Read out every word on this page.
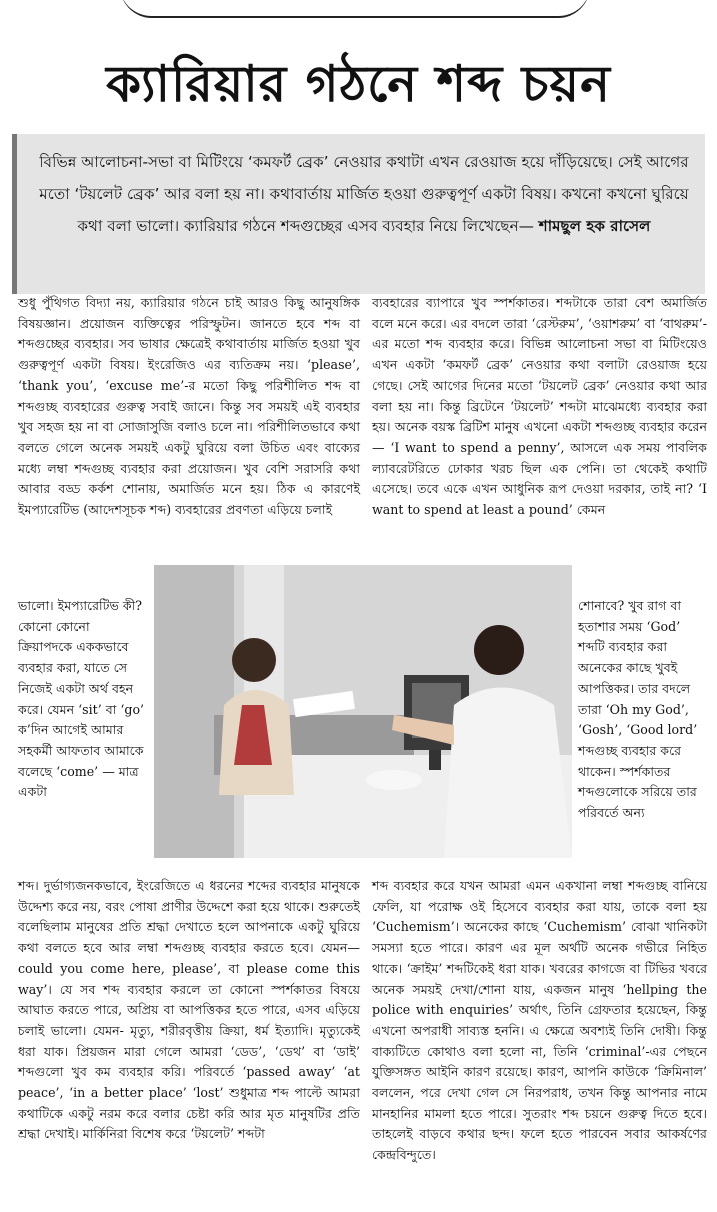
ক্যারিয়ার গঠনে শব্দ চয়ন

বিভিন্ন আলোচনা-সভা বা মিটিংয়ে ‘কমফর্ট ব্রেক’ নেওয়ার কথাটা এখন রেওয়াজ হয়ে দাঁড়িয়েছে। সেই আগের মতো ‘টয়লেট ব্রেক’ আর বলা হয় না। কথাবার্তায় মার্জিত হওয়া গুরুত্বপূর্ণ একটা বিষয়। কখনো কখনো ঘুরিয়ে কথা বলা ভালো। ক্যারিয়ার গঠনে শব্দগুচ্ছের এসব ব্যবহার নিয়ে লিখেছেন— শামছুল হক রাসেল

শুধু পুঁথিগত বিদ্যা নয়, ক্যারিয়ার গঠনে চাই আরও কিছু আনুষঙ্গিক বিষয়জ্ঞান। প্রয়োজন ব্যক্তিত্বের পরিস্ফুটন। জানতে হবে শব্দ বা শব্দগুচ্ছের ব্যবহার। সব ভাষার ক্ষেত্রেই কথাবার্তায় মার্জিত হওয়া খুব গুরুত্বপূর্ণ একটা বিষয়। ইংরেজিও এর ব্যতিক্রম নয়। ‘please’, ‘thank you’, ‘excuse me’-র মতো কিছু পরিশীলিত শব্দ বা শব্দগুচ্ছ ব্যবহারের গুরুত্ব সবাই জানে। কিন্তু সব সময়ই এই ব্যবহার খুব সহজ হয় না বা সোজাসুজি বলাও চলে না। পরিশীলিতভাবে কথা বলতে গেলে অনেক সময়ই একটু ঘুরিয়ে বলা উচিত এবং বাক্যের মধ্যে লম্বা শব্দগুচ্ছ ব্যবহার করা প্রয়োজন। খুব বেশি সরাসরি কথা আবার বড্ড কর্কশ শোনায়, অমার্জিত মনে হয়। ঠিক এ কারণেই ইমপ্যারেটিভ (আদেশসূচক শব্দ) ব্যবহারের প্রবণতা এড়িয়ে চলাই

ব্যবহারের ব্যাপারে খুব স্পর্শকাতর। শব্দটাকে তারা বেশ অমার্জিত বলে মনে করে। এর বদলে তারা ‘রেস্টরুম’, ‘ওয়াশরুম’ বা ‘বাথরুম’-এর মতো শব্দ ব্যবহার করে। বিভিন্ন আলোচনা সভা বা মিটিংয়েও এখন একটা ‘কমফর্ট ব্রেক’ নেওয়ার কথা বলাটা রেওয়াজ হয়ে গেছে। সেই আগের দিনের মতো ‘টয়লেট ব্রেক’ নেওয়ার কথা আর বলা হয় না। কিন্তু ব্রিটেনে ‘টয়লেট’ শব্দটা মাঝেমধ্যে ব্যবহার করা হয়। অনেক বয়স্ক ব্রিটিশ মানুষ এখনো একটা শব্দগুচ্ছ ব্যবহার করেন— ‘I want to spend a penny’, আসলে এক সময় পাবলিক ল্যাবরেটরিতে ঢোকার খরচ ছিল এক পেনি। তা থেকেই কথাটি এসেছে। তবে একে এখন আধুনিক রূপ দেওয়া দরকার, তাই না? ‘I want to spend at least a pound’ কেমন

ভালো। ইমপ্যারেটিভ কী? কোনো কোনো ক্রিয়াপদকে এককভাবে ব্যবহার করা, যাতে সে নিজেই একটা অর্থ বহন করে। যেমন ‘sit’ বা ‘go’ ক’দিন আগেই আমার সহকর্মী আফতাব আমাকে বলেছে ‘come’ — মাত্র একটা
শোনাবে? খুব রাগ বা হতাশার সময় ‘God’ শব্দটি ব্যবহার করা অনেকের কাছে খুবই আপত্তিকর। তার বদলে তারা ‘Oh my God’, ‘Gosh’, ‘Good lord’ শব্দগুচ্ছ ব্যবহার করে থাকেন। স্পর্শকাতর শব্দগুলোকে সরিয়ে তার পরিবর্তে অন্য
শব্দ। দুর্ভাগ্যজনকভাবে, ইংরেজিতে এ ধরনের শব্দের ব্যবহার মানুষকে উদ্দেশ্য করে নয়, বরং পোষা প্রাণীর উদ্দেশে করা হয়ে থাকে। শুরুতেই বলেছিলাম মানুষের প্রতি শ্রদ্ধা দেখাতে হলে আপনাকে একটু ঘুরিয়ে কথা বলতে হবে আর লম্বা শব্দগুচ্ছ ব্যবহার করতে হবে। যেমন— could you come here, please’, বা please come this way’। যে সব শব্দ ব্যবহার করলে তা কোনো স্পর্শকাতর বিষয়ে আঘাত করতে পারে, অপ্রিয় বা আপত্তিকর হতে পারে, এসব এড়িয়ে চলাই ভালো। যেমন- মৃত্যু, শরীরবৃত্তীয় ক্রিয়া, ধর্ম ইত্যাদি। মৃত্যুকেই ধরা যাক। প্রিয়জন মারা গেলে আমরা ‘ডেড’, ‘ডেথ’ বা ‘ডাই’ শব্দগুলো খুব কম ব্যবহার করি। পরিবর্তে ‘passed away’ ‘at peace’, ‘in a better place’ ‘lost’ শুধুমাত্র শব্দ পাল্টে আমরা কথাটিকে একটু নরম করে বলার চেষ্টা করি আর মৃত মানুষটির প্রতি শ্রদ্ধা দেখাই। মার্কিনিরা বিশেষ করে ‘টয়লেট’ শব্দটা
শব্দ ব্যবহার করে যখন আমরা এমন একখানা লম্বা শব্দগুচ্ছ বানিয়ে ফেলি, যা পরোক্ষ ওই হিসেবে ব্যবহার করা যায়, তাকে বলা হয় ‘Cuchemism’। অনেকের কাছে ‘Cuchemism’ বোঝা খানিকটা সমস্যা হতে পারে। কারণ এর মূল অর্থটি অনেক গভীরে নিহিত থাকে। ‘ক্রাইম’ শব্দটিকেই ধরা যাক। খবরের কাগজে বা টিভির খবরে অনেক সময়ই দেখা/শোনা যায়, একজন মানুষ ‘hellping the police with enquiries’ অর্থাৎ, তিনি গ্রেফতার হয়েছেন, কিন্তু এখনো অপরাধী সাব্যস্ত হননি। এ ক্ষেত্রে অবশ্যই তিনি দোষী। কিন্তু বাক্যটিতে কোথাও বলা হলো না, তিনি ‘criminal’-এর পেছনে যুক্তিসঙ্গত আইনি কারণ রয়েছে। কারণ, আপনি কাউকে ‘ক্রিমিনাল’ বললেন, পরে দেখা গেল সে নিরপরাধ, তখন কিন্তু আপনার নামে মানহানির মামলা হতে পারে। সুতরাং শব্দ চয়নে গুরুত্ব দিতে হবে। তাহলেই বাড়বে কথার ছন্দ। ফলে হতে পারবেন সবার আকর্ষণের কেন্দ্রবিন্দুতে।
